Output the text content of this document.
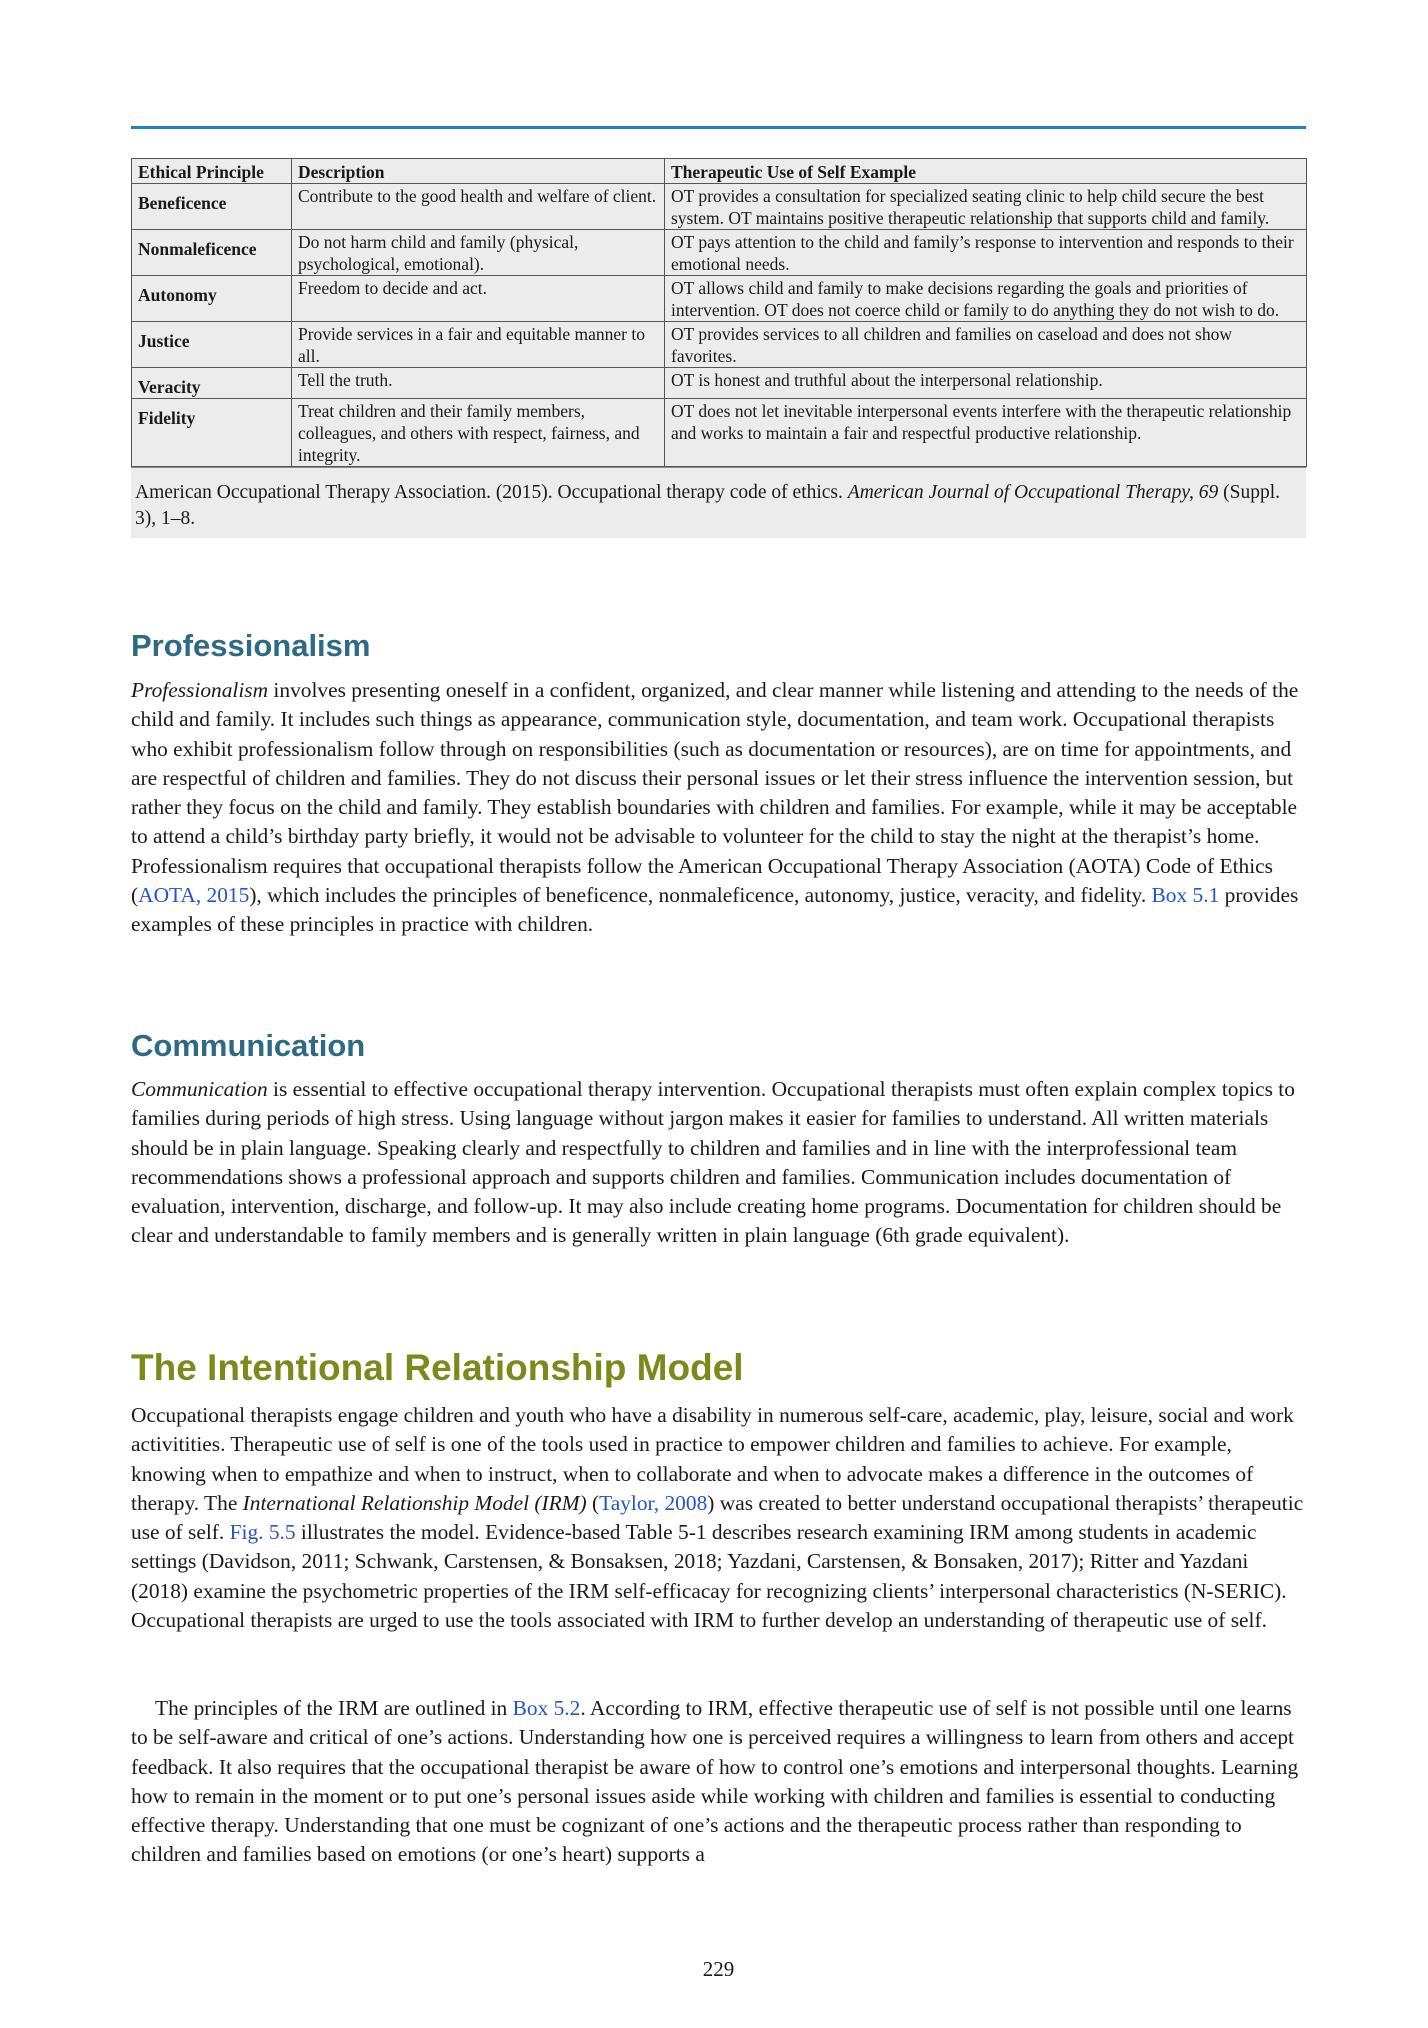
Ethical Principle	Description	Therapeutic Use of Self Example
Beneficence	Contribute to the good health and welfare of client.	OT provides a consultation for specialized seating clinic to help child secure the best system. OT maintains positive therapeutic relationship that supports child and family.
Nonmaleficence	Do not harm child and family (physical, psychological, emotional).	OT pays attention to the child and family’s response to intervention and responds to their emotional needs.
Autonomy	Freedom to decide and act.	OT allows child and family to make decisions regarding the goals and priorities of intervention. OT does not coerce child or family to do anything they do not wish to do.
Justice	Provide services in a fair and equitable manner to all.	OT provides services to all children and families on caseload and does not show favorites.
Veracity	Tell the truth.	OT is honest and truthful about the interpersonal relationship.
Fidelity	Treat children and their family members, colleagues, and others with respect, fairness, and integrity.	OT does not let inevitable interpersonal events interfere with the therapeutic relationship and works to maintain a fair and respectful productive relationship.
American Occupational Therapy Association. (2015). Occupational therapy code of ethics. American Journal of Occupational Therapy, 69 (Suppl. 3), 1–8.
Professionalism

Professionalism involves presenting oneself in a confident, organized, and clear manner while listening and attending to the needs of the child and family. It includes such things as appearance, communication style, documentation, and team work. Occupational therapists who exhibit professionalism follow through on responsibilities (such as documentation or resources), are on time for appointments, and are respectful of children and families. They do not discuss their personal issues or let their stress influence the intervention session, but rather they focus on the child and family. They establish boundaries with children and families. For example, while it may be acceptable to attend a child’s birthday party briefly, it would not be advisable to volunteer for the child to stay the night at the therapist’s home. Professionalism requires that occupational therapists follow the American Occupational Therapy Association (AOTA) Code of Ethics (AOTA, 2015), which includes the principles of beneficence, nonmaleficence, autonomy, justice, veracity, and fidelity. Box 5.1 provides examples of these principles in practice with children.

Communication

Communication is essential to effective occupational therapy intervention. Occupational therapists must often explain complex topics to families during periods of high stress. Using language without jargon makes it easier for families to understand. All written materials should be in plain language. Speaking clearly and respectfully to children and families and in line with the interprofessional team recommendations shows a professional approach and supports children and families. Communication includes documentation of evaluation, intervention, discharge, and follow-up. It may also include creating home programs. Documentation for children should be clear and understandable to family members and is generally written in plain language (6th grade equivalent).

The Intentional Relationship Model

Occupational therapists engage children and youth who have a disability in numerous self-care, academic, play, leisure, social and work activitities. Therapeutic use of self is one of the tools used in practice to empower children and families to achieve. For example, knowing when to empathize and when to instruct, when to collaborate and when to advocate makes a difference in the outcomes of therapy. The International Relationship Model (IRM) (Taylor, 2008) was created to better understand occupational therapists’ therapeutic use of self. Fig. 5.5 illustrates the model. Evidence-based Table 5-1 describes research examining IRM among students in academic settings (Davidson, 2011; Schwank, Carstensen, & Bonsaksen, 2018; Yazdani, Carstensen, & Bonsaken, 2017); Ritter and Yazdani (2018) examine the psychometric properties of the IRM self-efficacay for recognizing clients’ interpersonal characteristics (N-SERIC). Occupational therapists are urged to use the tools associated with IRM to further develop an understanding of therapeutic use of self.

The principles of the IRM are outlined in Box 5.2. According to IRM, effective therapeutic use of self is not possible until one learns to be self-aware and critical of one’s actions. Understanding how one is perceived requires a willingness to learn from others and accept feedback. It also requires that the occupational therapist be aware of how to control one’s emotions and interpersonal thoughts. Learning how to remain in the moment or to put one’s personal issues aside while working with children and families is essential to conducting effective therapy. Understanding that one must be cognizant of one’s actions and the therapeutic process rather than responding to children and families based on emotions (or one’s heart) supports a

229
